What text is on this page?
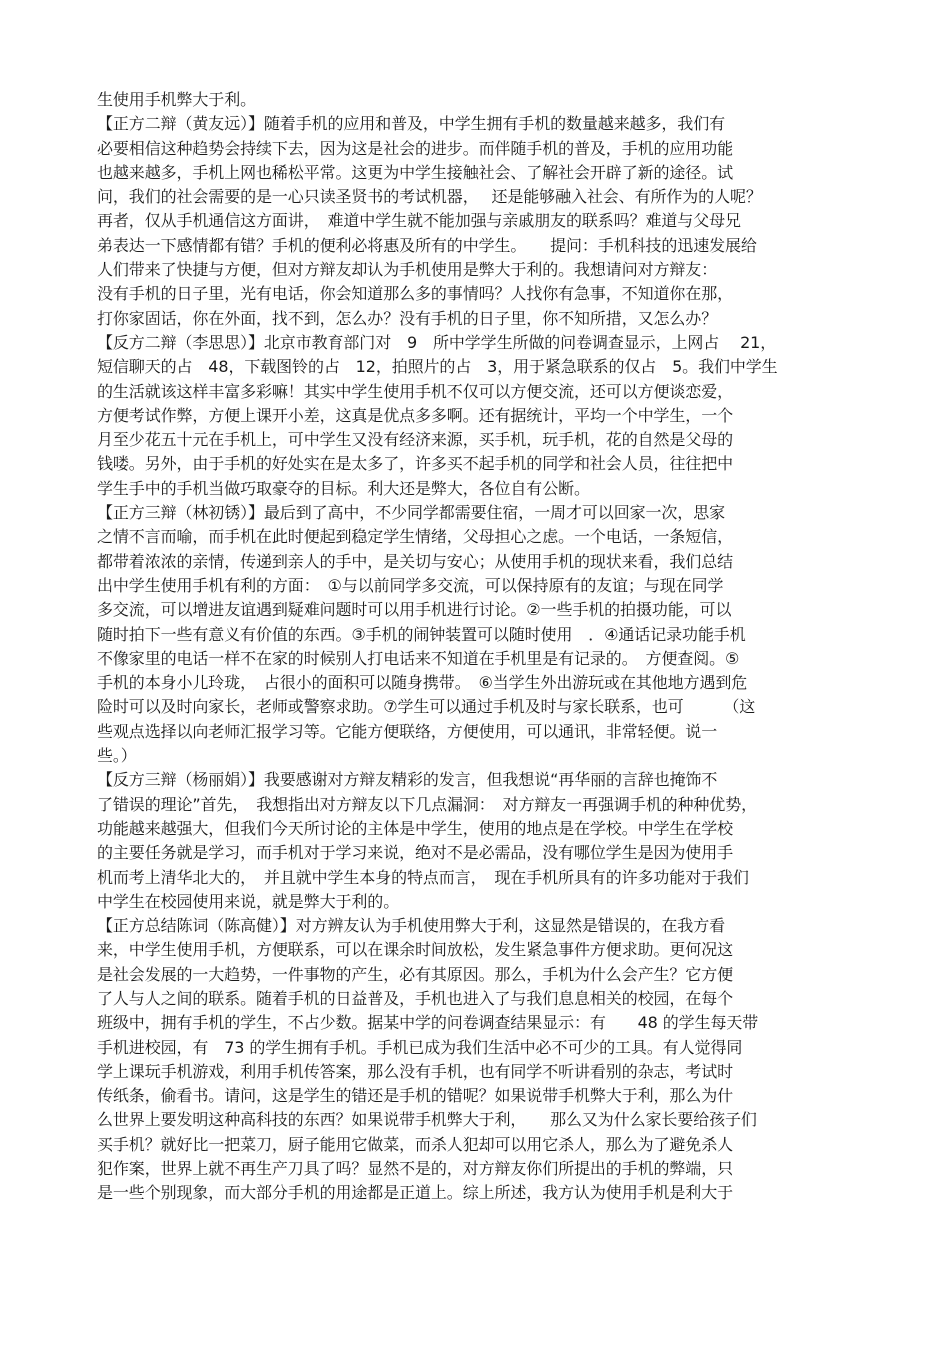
生使用手机弊大于利。
【正方二辩（黄友远）】随着手机的应用和普及，中学生拥有手机的数量越来越多，我们有
必要相信这种趋势会持续下去，因为这是社会的进步。而伴随手机的普及，手机的应用功能
也越来越多，手机上网也稀松平常。这更为中学生接触社会、了解社会开辟了新的途径。试
问，我们的社会需要的是一心只读圣贤书的考试机器，　 还是能够融入社会、有所作为的人呢？
再者，仅从手机通信这方面讲，　难道中学生就不能加强与亲戚朋友的联系吗？难道与父母兄
弟表达一下感情都有错？手机的便利必将惠及所有的中学生。　　提问：手机科技的迅速发展给
人们带来了快捷与方便，但对方辩友却认为手机使用是弊大于利的。我想请问对方辩友：
没有手机的日子里，光有电话，你会知道那么多的事情吗？人找你有急事，不知道你在那，
打你家固话，你在外面，找不到，怎么办？没有手机的日子里，你不知所措，又怎么办？
【反方二辩（李思思）】北京市教育部门对　9　所中学学生所做的问卷调查显示，上网占　 21，
短信聊天的占　48，下载图铃的占　12，拍照片的占　3，用于紧急联系的仅占　5。我们中学生
的生活就该这样丰富多彩嘛！其实中学生使用手机不仅可以方便交流，还可以方便谈恋爱，
方便考试作弊，方便上课开小差，这真是优点多多啊。还有据统计，平均一个中学生，一个
月至少花五十元在手机上，可中学生又没有经济来源，买手机，玩手机，花的自然是父母的
钱喽。另外，由于手机的好处实在是太多了，许多买不起手机的同学和社会人员，往往把中
学生手中的手机当做巧取豪夺的目标。利大还是弊大，各位自有公断。
【正方三辩（林初锈）】最后到了高中，不少同学都需要住宿，一周才可以回家一次，思家
之情不言而喻，而手机在此时便起到稳定学生情绪，父母担心之虑。一个电话，一条短信，
都带着浓浓的亲情，传递到亲人的手中，是关切与安心；从使用手机的现状来看，我们总结
出中学生使用手机有利的方面：　①与以前同学多交流，可以保持原有的友谊；与现在同学
多交流，可以增进友谊遇到疑难问题时可以用手机进行讨论。②一些手机的拍摄功能，可以
随时拍下一些有意义有价值的东西。③手机的闹钟装置可以随时使用　．④通话记录功能手机
不像家里的电话一样不在家的时候别人打电话来不知道在手机里是有记录的。　方便查阅。⑤
手机的本身小儿玲珑，　占很小的面积可以随身携带。　⑥当学生外出游玩或在其他地方遇到危
险时可以及时向家长，老师或警察求助。⑦学生可以通过手机及时与家长联系，也可　　　（这
些观点选择以向老师汇报学习等。它能方便联络，方便使用，可以通讯，非常轻便。说一
些。）
【反方三辩（杨丽娟）】我要感谢对方辩友精彩的发言，但我想说“再华丽的言辞也掩饰不
了错误的理论”首先，　我想指出对方辩友以下几点漏洞：　对方辩友一再强调手机的种种优势，
功能越来越强大，但我们今天所讨论的主体是中学生，使用的地点是在学校。中学生在学校
的主要任务就是学习，而手机对于学习来说，绝对不是必需品，没有哪位学生是因为使用手
机而考上清华北大的，　并且就中学生本身的特点而言，　现在手机所具有的许多功能对于我们
中学生在校园使用来说，就是弊大于利的。
【正方总结陈词（陈高健）】对方辨友认为手机使用弊大于利，这显然是错误的，在我方看
来，中学生使用手机，方便联系，可以在课余时间放松，发生紧急事件方便求助。更何况这
是社会发展的一大趋势，一件事物的产生，必有其原因。那么，手机为什么会产生？它方便
了人与人之间的联系。随着手机的日益普及，手机也进入了与我们息息相关的校园，在每个
班级中，拥有手机的学生，不占少数。据某中学的问卷调查结果显示：有　　48 的学生每天带
手机进校园，有　73 的学生拥有手机。手机已成为我们生活中必不可少的工具。有人觉得同
学上课玩手机游戏，利用手机传答案，那么没有手机，也有同学不听讲看别的杂志，考试时
传纸条，偷看书。请问，这是学生的错还是手机的错呢？如果说带手机弊大于利，那么为什
么世界上要发明这种高科技的东西？如果说带手机弊大于利，　　那么又为什么家长要给孩子们
买手机？就好比一把菜刀，厨子能用它做菜，而杀人犯却可以用它杀人，那么为了避免杀人
犯作案，世界上就不再生产刀具了吗？显然不是的，对方辩友你们所提出的手机的弊端，只
是一些个别现象，而大部分手机的用途都是正道上。综上所述，我方认为使用手机是利大于
